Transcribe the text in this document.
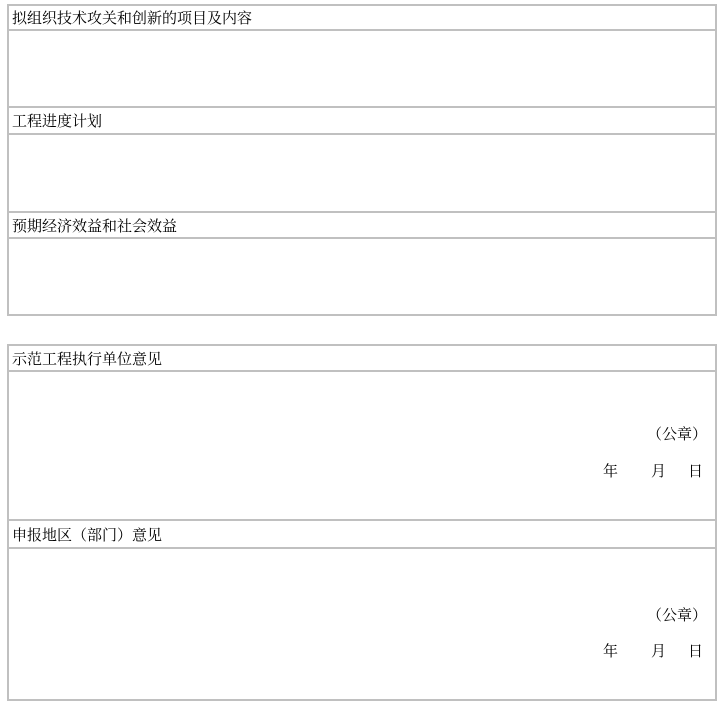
拟组织技术攻关和创新的项目及内容
工程进度计划
预期经济效益和社会效益
示范工程执行单位意见
（公章）
年 月 日
申报地区（部门）意见
（公章）
年 月 日
